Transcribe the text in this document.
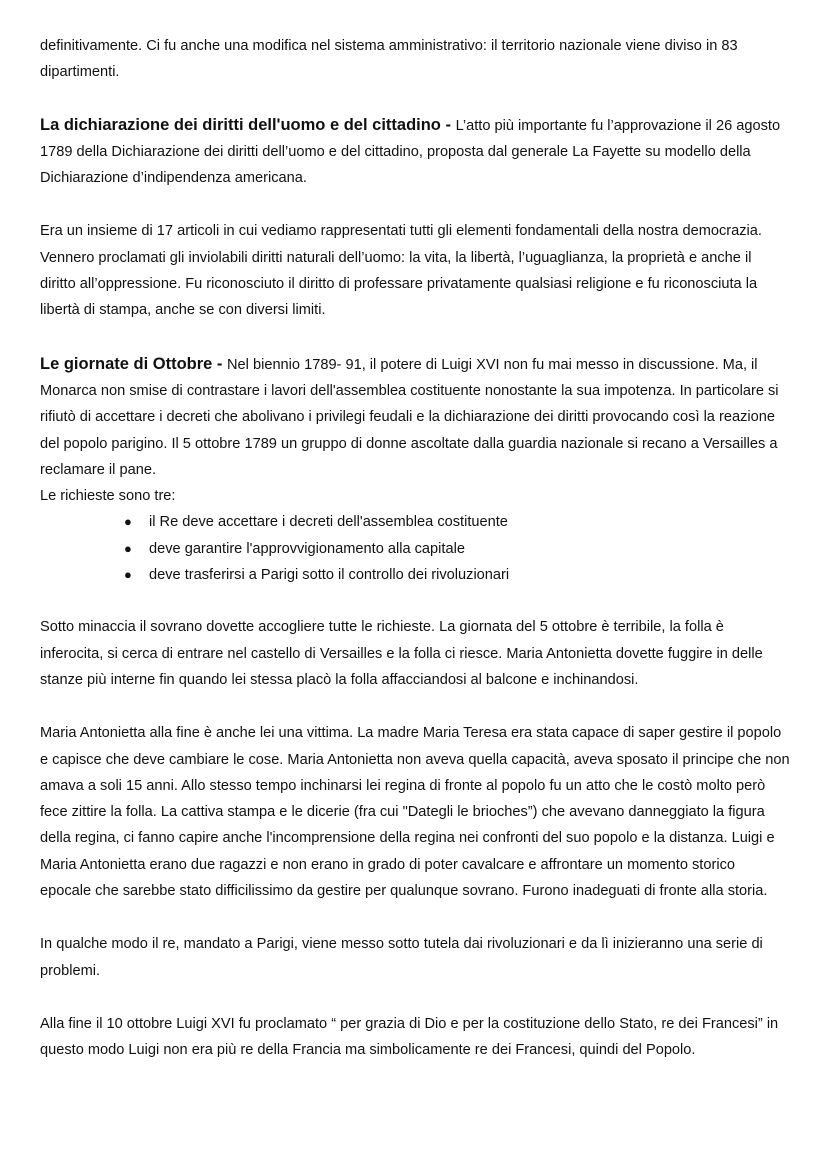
definitivamente. Ci fu anche una modifica nel sistema amministrativo: il territorio nazionale viene diviso in 83 dipartimenti.

La dichiarazione dei diritti dell'uomo e del cittadino - L’atto più importante fu l’approvazione il 26 agosto 1789 della Dichiarazione dei diritti dell’uomo e del cittadino, proposta dal generale La Fayette su modello della Dichiarazione d’indipendenza americana.

Era un insieme di 17 articoli in cui vediamo rappresentati tutti gli elementi fondamentali della nostra democrazia. Vennero proclamati gli inviolabili diritti naturali dell’uomo: la vita, la libertà, l’uguaglianza, la proprietà e anche il diritto all’oppressione. Fu riconosciuto il diritto di professare privatamente qualsiasi religione e fu riconosciuta la libertà di stampa, anche se con diversi limiti.

Le giornate di Ottobre - Nel biennio 1789- 91, il potere di Luigi XVI non fu mai messo in discussione. Ma, il Monarca non smise di contrastare i lavori dell'assemblea costituente nonostante la sua impotenza. In particolare si rifiutò di accettare i decreti che abolivano i privilegi feudali e la dichiarazione dei diritti provocando così la reazione del popolo parigino. Il 5 ottobre 1789 un gruppo di donne ascoltate dalla guardia nazionale si recano a Versailles a reclamare il pane.

Le richieste sono tre:

● il Re deve accettare i decreti dell'assemblea costituente
● deve garantire l'approvvigionamento alla capitale
● deve trasferirsi a Parigi sotto il controllo dei rivoluzionari

Sotto minaccia il sovrano dovette accogliere tutte le richieste. La giornata del 5 ottobre è terribile, la folla è inferocita, si cerca di entrare nel castello di Versailles e la folla ci riesce. Maria Antonietta dovette fuggire in delle stanze più interne fin quando lei stessa placò la folla affacciandosi al balcone e inchinandosi.

Maria Antonietta alla fine è anche lei una vittima. La madre Maria Teresa era stata capace di saper gestire il popolo e capisce che deve cambiare le cose. Maria Antonietta non aveva quella capacità, aveva sposato il principe che non amava a soli 15 anni. Allo stesso tempo inchinarsi lei regina di fronte al popolo fu un atto che le costò molto però fece zittire la folla. La cattiva stampa e le dicerie (fra cui "Dategli le brioches”) che avevano danneggiato la figura della regina, ci fanno capire anche l'incomprensione della regina nei confronti del suo popolo e la distanza. Luigi e Maria Antonietta erano due ragazzi e non erano in grado di poter cavalcare e affrontare un momento storico epocale che sarebbe stato difficilissimo da gestire per qualunque sovrano. Furono inadeguati di fronte alla storia.

In qualche modo il re, mandato a Parigi, viene messo sotto tutela dai rivoluzionari e da lì inizieranno una serie di problemi.

Alla fine il 10 ottobre Luigi XVI fu proclamato “ per grazia di Dio e per la costituzione dello Stato, re dei Francesi” in questo modo Luigi non era più re della Francia ma simbolicamente re dei Francesi, quindi del Popolo.
